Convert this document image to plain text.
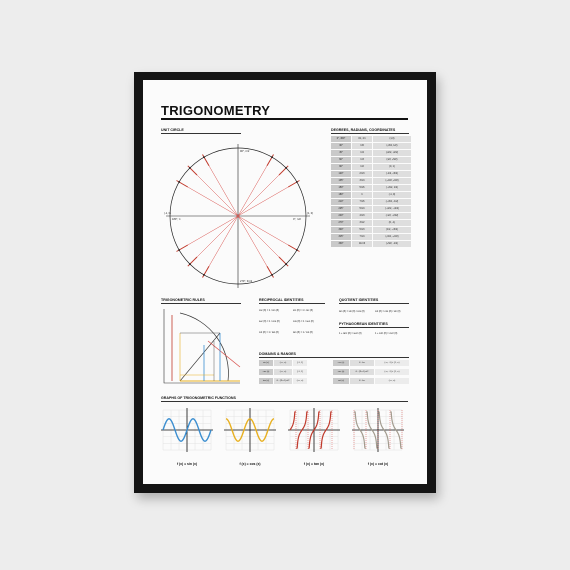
TRIGONOMETRY
UNIT CIRCLE
90°, π/2
270°, 3π/2
180°, π	0°, π/2
(-1, 0)	(1, 0)
DEGREES, RADIANS, COORDINATES
0°, 360°	0π, 2π	(1,0)
30°	π/6	(√3/2, 1/2)
45°	π/4	(√2/2, √2/2)
60°	π/3	(1/2, √3/2)
90°	π/2	(0, 1)
120°	2π/3	(-1/2, √3/2)
135°	3π/4	(-√2/2, √2/2)
150°	5π/6	(-√3/2, 1/2)
180°	π	(-1, 0)
210°	7π/6	(-√3/2, -1/2)
225°	5π/4	(-√2/2, -√2/2)
240°	4π/3	(-1/2, -√3/2)
270°	3π/2	(0, -1)
300°	5π/3	(1/2, -√3/2)
315°	7π/4	(√2/2, -√2/2)
330°	11π/6	(√3/2, -1/2)
TRIGONOMETRIC RULES	RECIPROCAL IDENTITIES
csc (θ) = 1 / sin (θ)	sin (θ) = 1 / csc (θ)
sec (θ) = 1 / cos (θ)	cos (θ) = 1 / sec (θ)
cot (θ) = 1 / tan (θ)	tan (θ) = 1 / cot (θ)
QUOTIENT IDENTITIES
tan (θ) = sin (θ) / cos (θ)	cot (θ) = cos (θ) / sin (θ)
PYTHAGOREAN IDENTITIES
1 + tan² (θ) = sec² (θ)	1 + cot² (θ) = csc² (θ)
DOMAINS & RANGES
sin (x)	(-∞, ∞)	[-1, 1]	csc (x)	θ : kπ	(-∞, -1] ∪ [1, ∞)
cos (x)	(-∞, ∞)	[-1, 1]	sec (x)	θ : (2k+1)π/2	(-∞, -1] ∪ [1, ∞)
tan (x)	θ : (2k+1)π/2	(-∞, ∞)	cot (x)	θ : kπ	(-∞, ∞)
GRAPHS OF TRIGONOMETRIC FUNCTIONS
f (x) = sin (x)	f (x) = cos (x)	f (x) = tan (x)	f (x) = cot (x)
